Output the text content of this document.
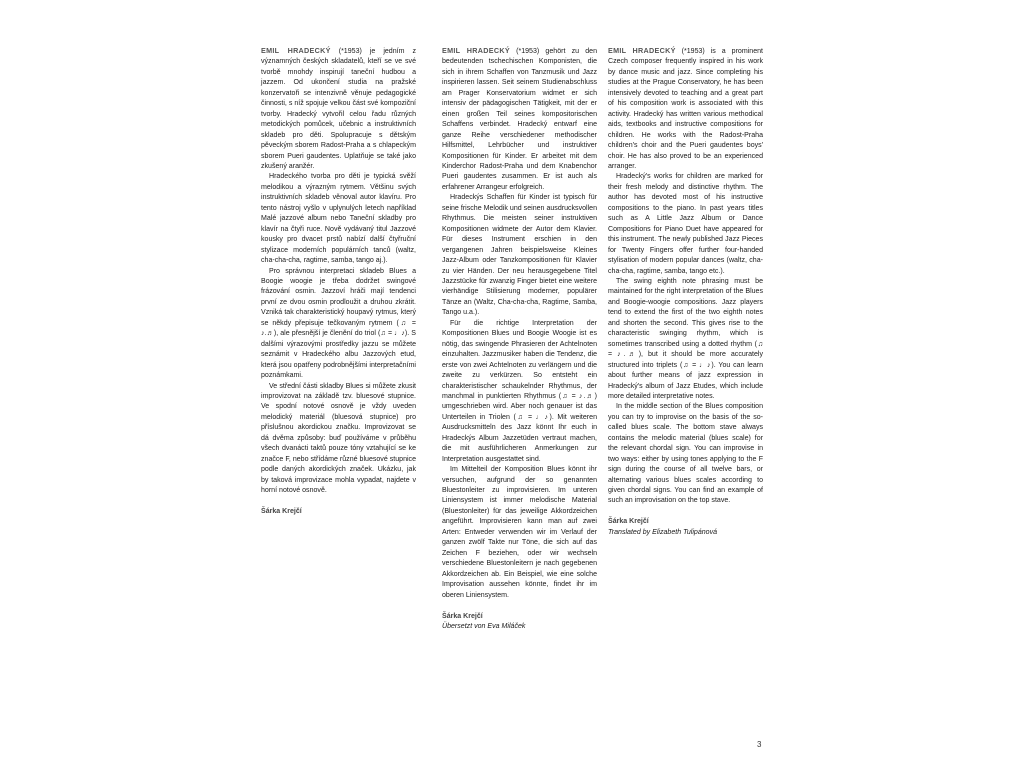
EMIL HRADECKÝ (*1953) je jedním z významných českých skladatelů, kteří se ve své tvorbě mnohdy inspirují taneční hudbou a jazzem. Od ukončení studia na pražské konzervatoři se intenzivně věnuje pedagogické činnosti, s níž spojuje velkou část své kompoziční tvorby. Hradecký vytvořil celou řadu různých metodických pomůcek, učebnic a instruktivních skladeb pro děti. Spolupracuje s dětským pěveckým sborem Radost-Praha a s chlapeckým sborem Pueri gaudentes. Uplatňuje se také jako zkušený aranžér.

Hradeckého tvorba pro děti je typická svěží melodikou a výrazným rytmem. Většinu svých instruktivních skladeb věnoval autor klavíru. Pro tento nástroj vyšlo v uplynulých letech například Malé jazzové album nebo Taneční skladby pro klavír na čtyři ruce. Nově vydávaný titul Jazzové kousky pro dvacet prstů nabízí další čtyřruční stylizace moderních populárních tanců (waltz, cha-cha-cha, ragtime, samba, tango aj.).

Pro správnou interpretaci skladeb Blues a Boogie woogie je třeba dodržet swingové frázování osmin. Jazzoví hráči mají tendenci první ze dvou osmin prodloužit a druhou zkrátit. Vzniká tak charakteristický houpavý rytmus, který se někdy přepisuje tečkovaným rytmem (♫ = ♪.♬), ale přesnější je členění do triol (♫ = ♩♪). S dalšími výrazovými prostředky jazzu se můžete seznámit v Hradeckého albu Jazzových etud, která jsou opatřeny podrobnějšími interpretačními poznámkami.

Ve střední části skladby Blues si můžete zkusit improvizovat na základě tzv. bluesové stupnice. Ve spodní notové osnově je vždy uveden melodický materiál (bluesová stupnice) pro příslušnou akordickou značku. Improvizovat se dá dvěma způsoby: buď používáme v průběhu všech dvanácti taktů pouze tóny vztahující se ke značce F, nebo střídáme různé bluesové stupnice podle daných akordických značek. Ukázku, jak by taková improvizace mohla vypadat, najdete v horní notové osnově.

Šárka Krejčí

EMIL HRADECKÝ (*1953) gehört zu den bedeutenden tschechischen Komponisten, die sich in ihrem Schaffen von Tanzmusik und Jazz inspirieren lassen. Seit seinem Studienabschluss am Prager Konservatorium widmet er sich intensiv der pädagogischen Tätigkeit, mit der er einen großen Teil seines kompositorischen Schaffens verbindet. Hradecký entwarf eine ganze Reihe verschiedener methodischer Hilfsmittel, Lehrbücher und instruktiver Kompositionen für Kinder. Er arbeitet mit dem Kinderchor Radost-Praha und dem Knabenchor Pueri gaudentes zusammen. Er ist auch als erfahrener Arrangeur erfolgreich.

Hradeckýs Schaffen für Kinder ist typisch für seine frische Melodik und seinen ausdrucksvollen Rhythmus. Die meisten seiner instruktiven Kompositionen widmete der Autor dem Klavier. Für dieses Instrument erschien in den vergangenen Jahren beispielsweise Kleines Jazz-Album oder Tanzkompositionen für Klavier zu vier Händen. Der neu herausgegebene Titel Jazzstücke für zwanzig Finger bietet eine weitere vierhändige Stilisierung moderner, populärer Tänze an (Waltz, Cha-cha-cha, Ragtime, Samba, Tango u.a.).

Für die richtige Interpretation der Kompositionen Blues und Boogie Woogie ist es nötig, das swingende Phrasieren der Achtelnoten einzuhalten. Jazzmusiker haben die Tendenz, die erste von zwei Achtelnoten zu verlängern und die zweite zu verkürzen. So entsteht ein charakteristischer schaukelnder Rhythmus, der manchmal in punktierten Rhythmus (♫ = ♪.♬) umgeschrieben wird. Aber noch genauer ist das Unterteilen in Triolen (♫ = ♩♪). Mit weiteren Ausdrucksmitteln des Jazz könnt Ihr euch in Hradeckýs Album Jazzetüden vertraut machen, die mit ausführlicheren Anmerkungen zur Interpretation ausgestattet sind.

Im Mittelteil der Komposition Blues könnt ihr versuchen, aufgrund der so genannten Bluestonleiter zu improvisieren. Im unteren Liniensystem ist immer melodische Material (Bluestonleiter) für das jeweilige Akkordzeichen angeführt. Improvisieren kann man auf zwei Arten: Entweder verwenden wir im Verlauf der ganzen zwölf Takte nur Töne, die sich auf das Zeichen F beziehen, oder wir wechseln verschiedene Bluestonleitern je nach gegebenen Akkordzeichen ab. Ein Beispiel, wie eine solche Improvisation aussehen könnte, findet ihr im oberen Liniensystem.

Šárka Krejčí

Übersetzt von Eva Miláček

EMIL HRADECKÝ (*1953) is a prominent Czech composer frequently inspired in his work by dance music and jazz. Since completing his studies at the Prague Conservatory, he has been intensively devoted to teaching and a great part of his composition work is associated with this activity. Hradecký has written various methodical aids, textbooks and instructive compositions for children. He works with the Radost-Praha children's choir and the Pueri gaudentes boys' choir. He has also proved to be an experienced arranger.

Hradecký's works for children are marked for their fresh melody and distinctive rhythm. The author has devoted most of his instructive compositions to the piano. In past years titles such as A Little Jazz Album or Dance Compositions for Piano Duet have appeared for this instrument. The newly published Jazz Pieces for Twenty Fingers offer further four-handed stylisation of modern popular dances (waltz, cha-cha-cha, ragtime, samba, tango etc.).

The swing eighth note phrasing must be maintained for the right interpretation of the Blues and Boogie-woogie compositions. Jazz players tend to extend the first of the two eighth notes and shorten the second. This gives rise to the characteristic swinging rhythm, which is sometimes transcribed using a dotted rhythm (♫ = ♪.♬), but it should be more accurately structured into triplets (♫ = ♩♪). You can learn about further means of jazz expression in Hradecký's album of Jazz Etudes, which include more detailed interpretative notes.

In the middle section of the Blues composition you can try to improvise on the basis of the so-called blues scale. The bottom stave always contains the melodic material (blues scale) for the relevant chordal sign. You can improvise in two ways: either by using tones applying to the F sign during the course of all twelve bars, or alternating various blues scales according to given chordal signs. You can find an example of such an improvisation on the top stave.

Šárka Krejčí

Translated by Elizabeth Tulipánová

3
